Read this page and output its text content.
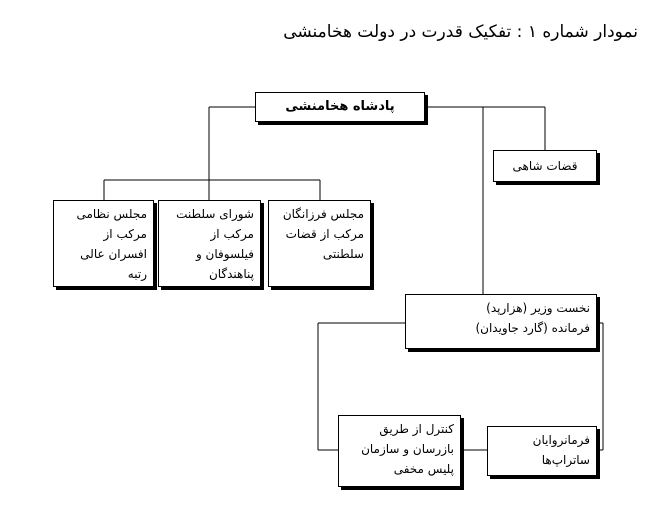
نمودار شماره ۱ : تفکیک قدرت در دولت هخامنشی
پادشاه هخامنشی
قضات شاهی
مجلس فرزانگان
مرکب از قضات
سلطنتی
شورای سلطنت
مرکب از
فیلسوفان و
پناهندگان
مجلس نظامی
مرکب از
افسران عالی
رتبه
نخست وزیر (هزارپد)
فرمانده (گارد جاویدان)
کنترل از طریق
بازرسان و سازمان
پلیس مخفی
فرمانروایان
ساتراپ‌ها
